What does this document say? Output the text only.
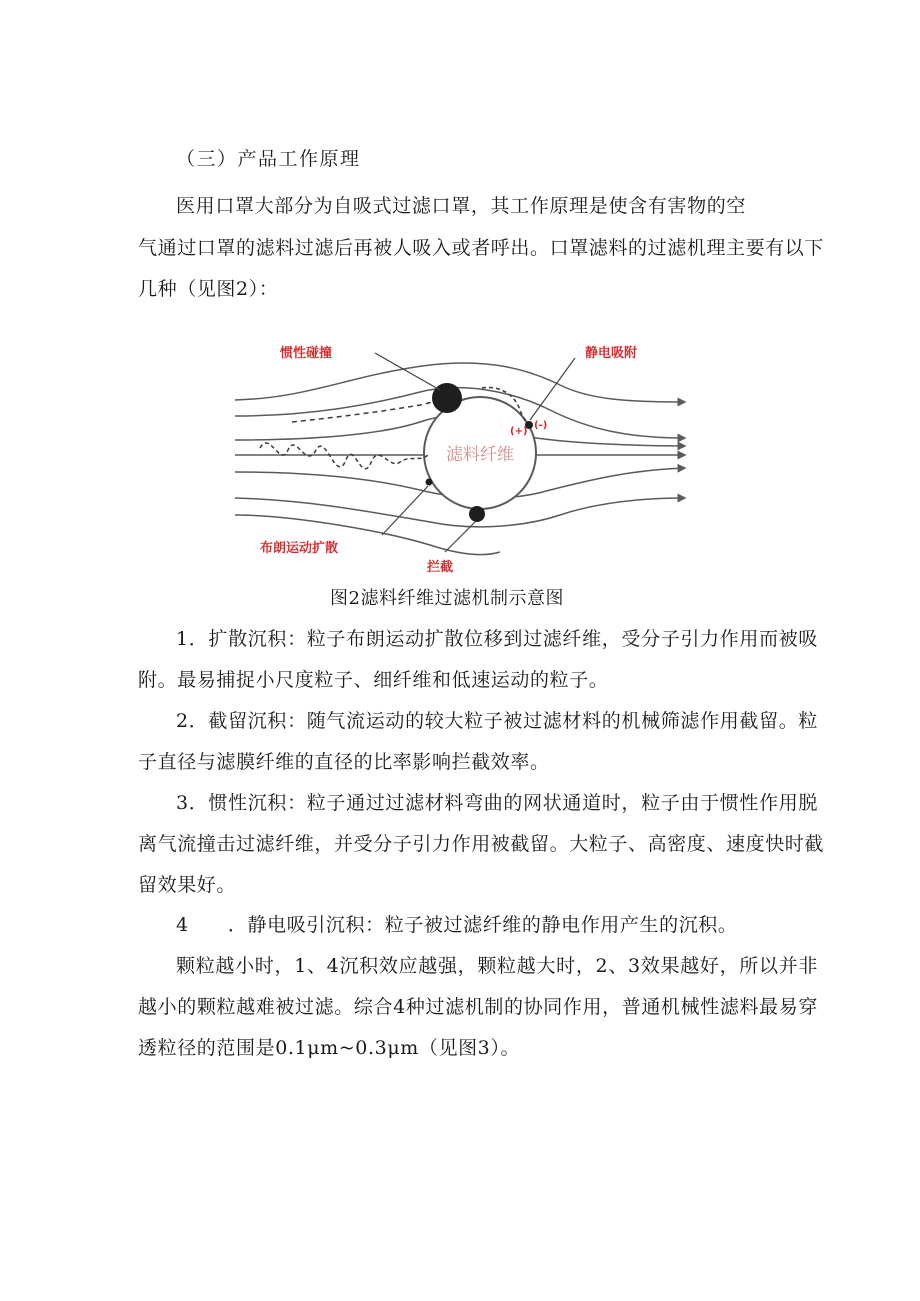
（三）产品工作原理
医用口罩大部分为自吸式过滤口罩，其工作原理是使含有害物的空
气通过口罩的滤料过滤后再被人吸入或者呼出。口罩滤料的过滤机理主要有以下
几种（见图2）：
滤料纤维
惯性碰撞	静电吸附
布朗运动扩散
拦截
(+)
(-)
图2滤料纤维过滤机制示意图
1．扩散沉积：粒子布朗运动扩散位移到过滤纤维，受分子引力作用而被吸
附。最易捕捉小尺度粒子、细纤维和低速运动的粒子。
2．截留沉积：随气流运动的较大粒子被过滤材料的机械筛滤作用截留。粒
子直径与滤膜纤维的直径的比率影响拦截效率。
3．惯性沉积：粒子通过过滤材料弯曲的网状通道时，粒子由于惯性作用脱
离气流撞击过滤纤维，并受分子引力作用被截留。大粒子、高密度、速度快时截
留效果好。
4　　．静电吸引沉积：粒子被过滤纤维的静电作用产生的沉积。
颗粒越小时，1、4沉积效应越强，颗粒越大时，2、3效果越好，所以并非
越小的颗粒越难被过滤。综合4种过滤机制的协同作用，普通机械性滤料最易穿
透粒径的范围是0.1μm~0.3μm（见图3）。
